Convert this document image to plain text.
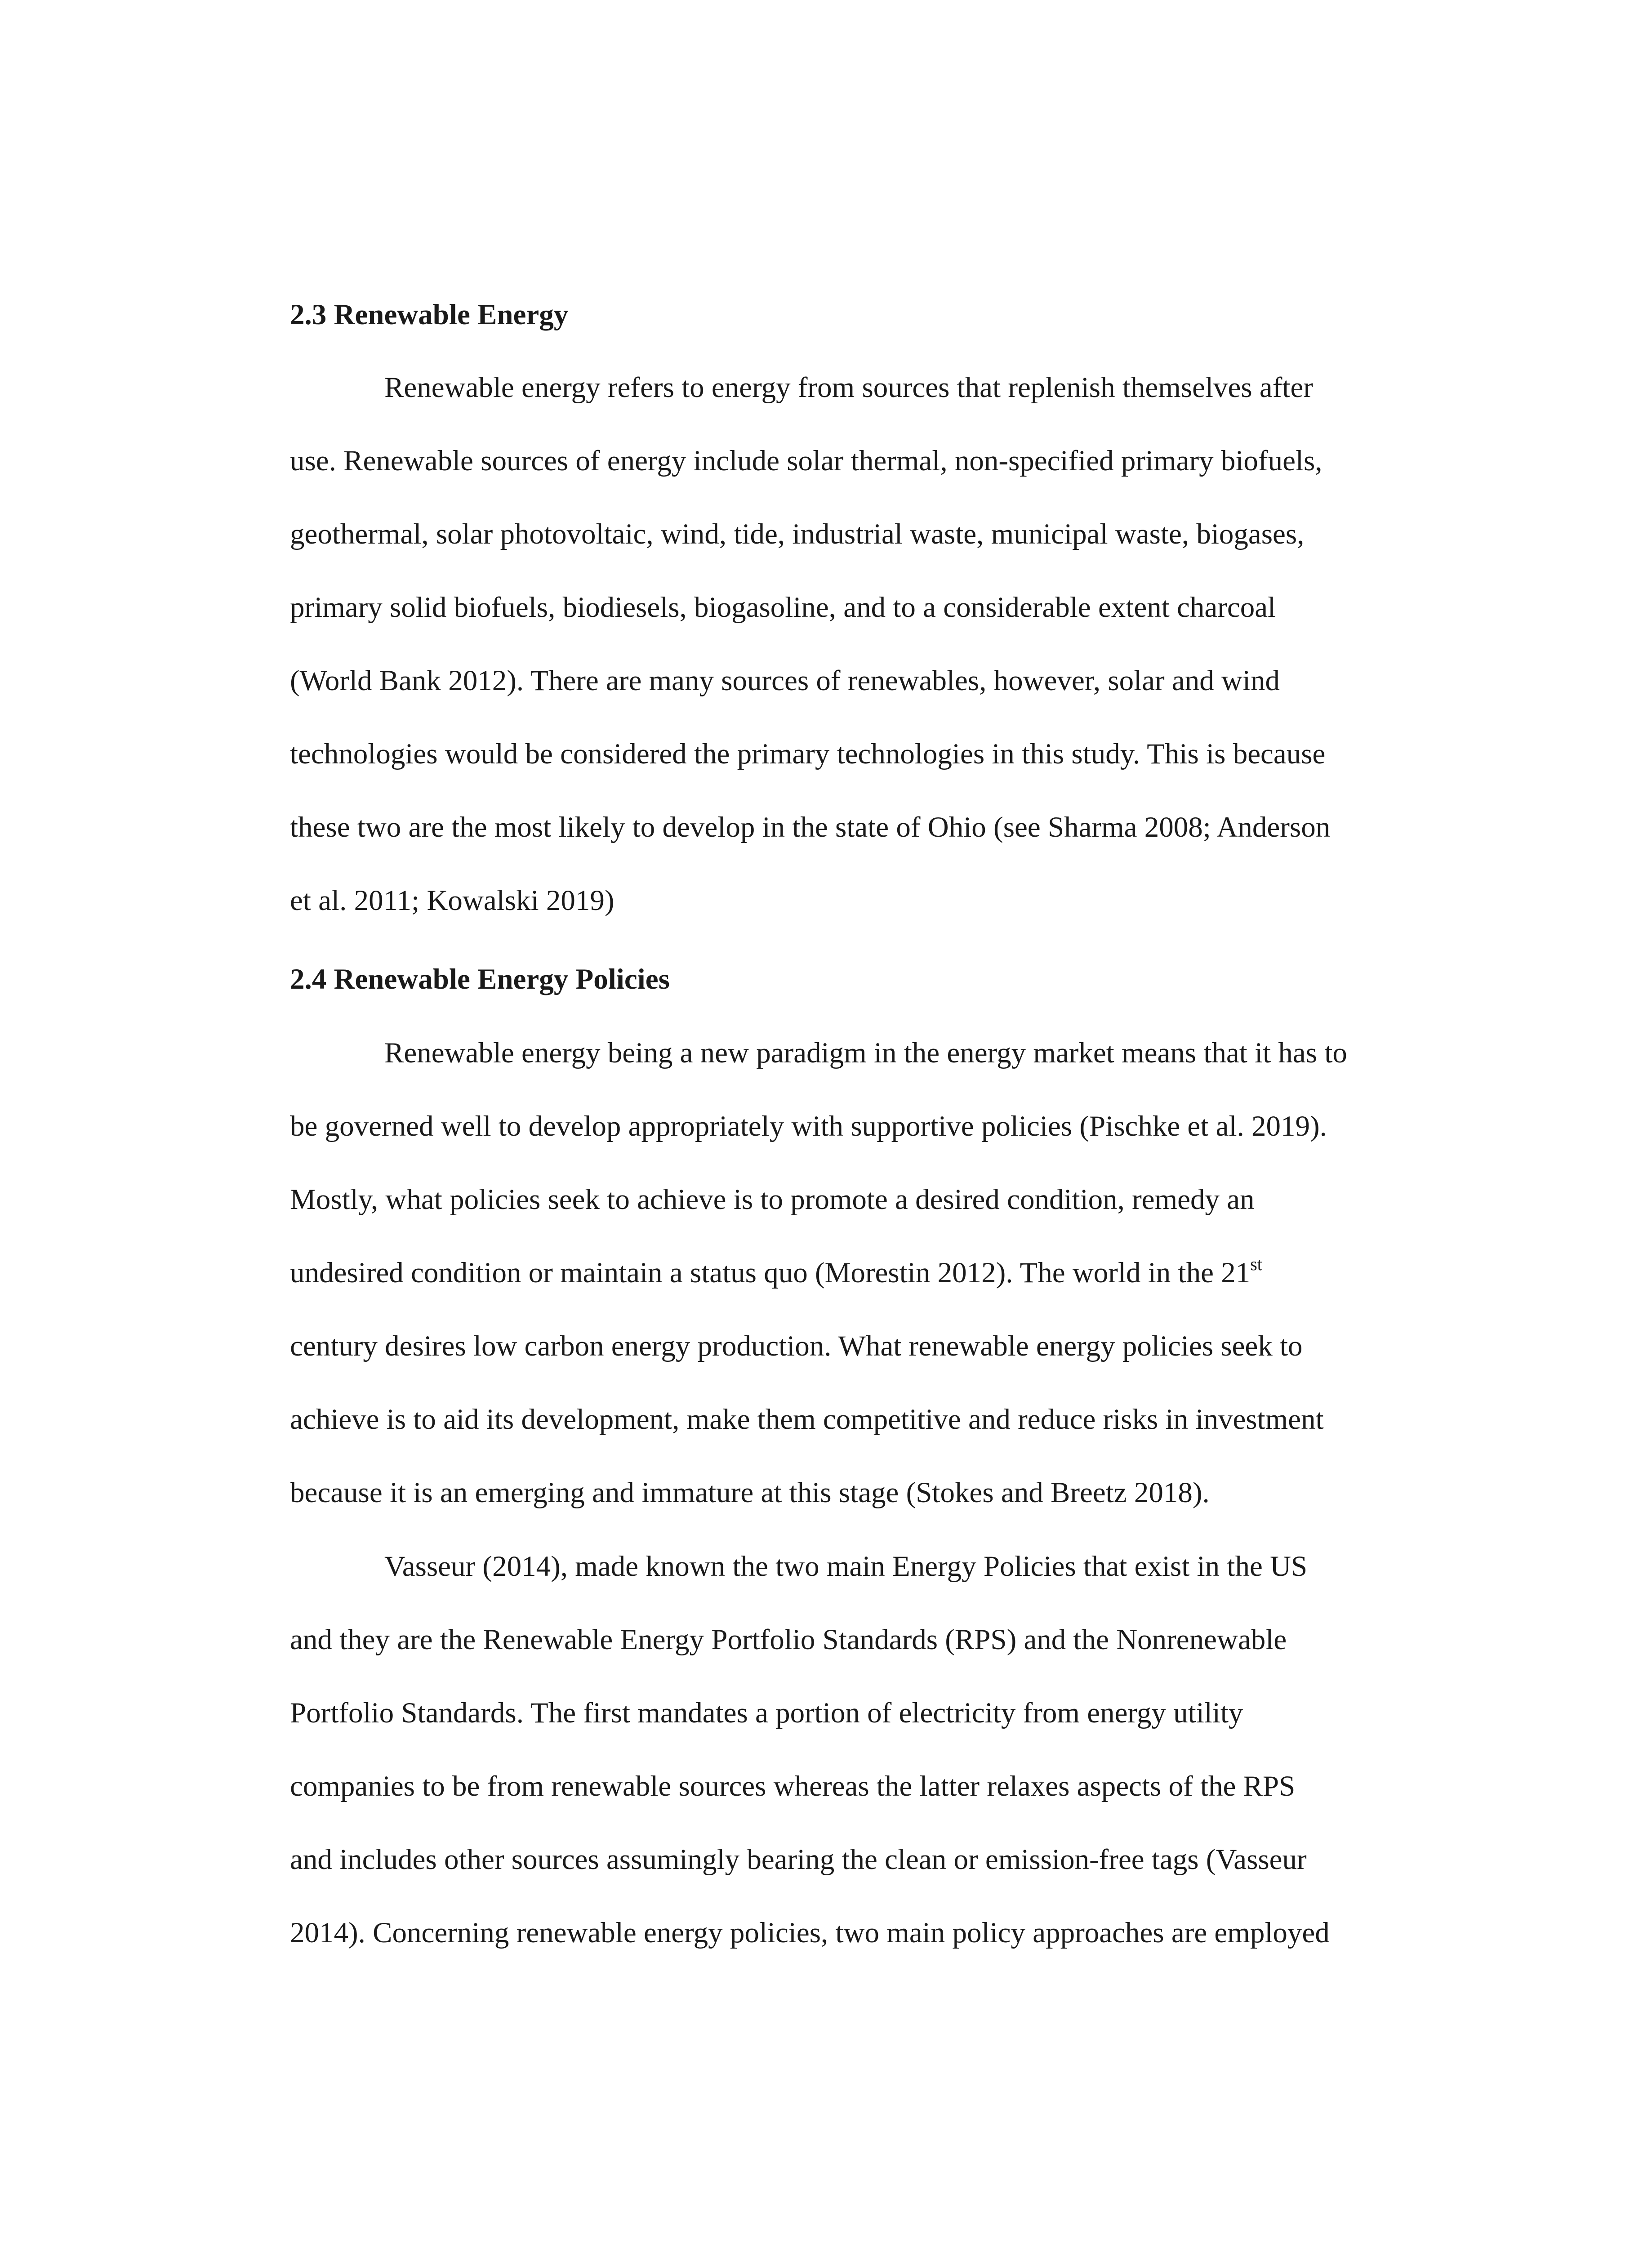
2.3 Renewable Energy

Renewable energy refers to energy from sources that replenish themselves after

use. Renewable sources of energy include solar thermal, non-specified primary biofuels,

geothermal, solar photovoltaic, wind, tide, industrial waste, municipal waste, biogases,

primary solid biofuels, biodiesels, biogasoline, and to a considerable extent charcoal

(World Bank 2012). There are many sources of renewables, however, solar and wind

technologies would be considered the primary technologies in this study. This is because

these two are the most likely to develop in the state of Ohio (see Sharma 2008; Anderson

et al. 2011; Kowalski 2019)

2.4 Renewable Energy Policies

Renewable energy being a new paradigm in the energy market means that it has to

be governed well to develop appropriately with supportive policies (Pischke et al. 2019).

Mostly, what policies seek to achieve is to promote a desired condition, remedy an

undesired condition or maintain a status quo (Morestin 2012). The world in the 21st

century desires low carbon energy production. What renewable energy policies seek to

achieve is to aid its development, make them competitive and reduce risks in investment

because it is an emerging and immature at this stage (Stokes and Breetz 2018).

Vasseur (2014), made known the two main Energy Policies that exist in the US

and they are the Renewable Energy Portfolio Standards (RPS) and the Nonrenewable

Portfolio Standards. The first mandates a portion of electricity from energy utility

companies to be from renewable sources whereas the latter relaxes aspects of the RPS

and includes other sources assumingly bearing the clean or emission-free tags (Vasseur

2014). Concerning renewable energy policies, two main policy approaches are employed
